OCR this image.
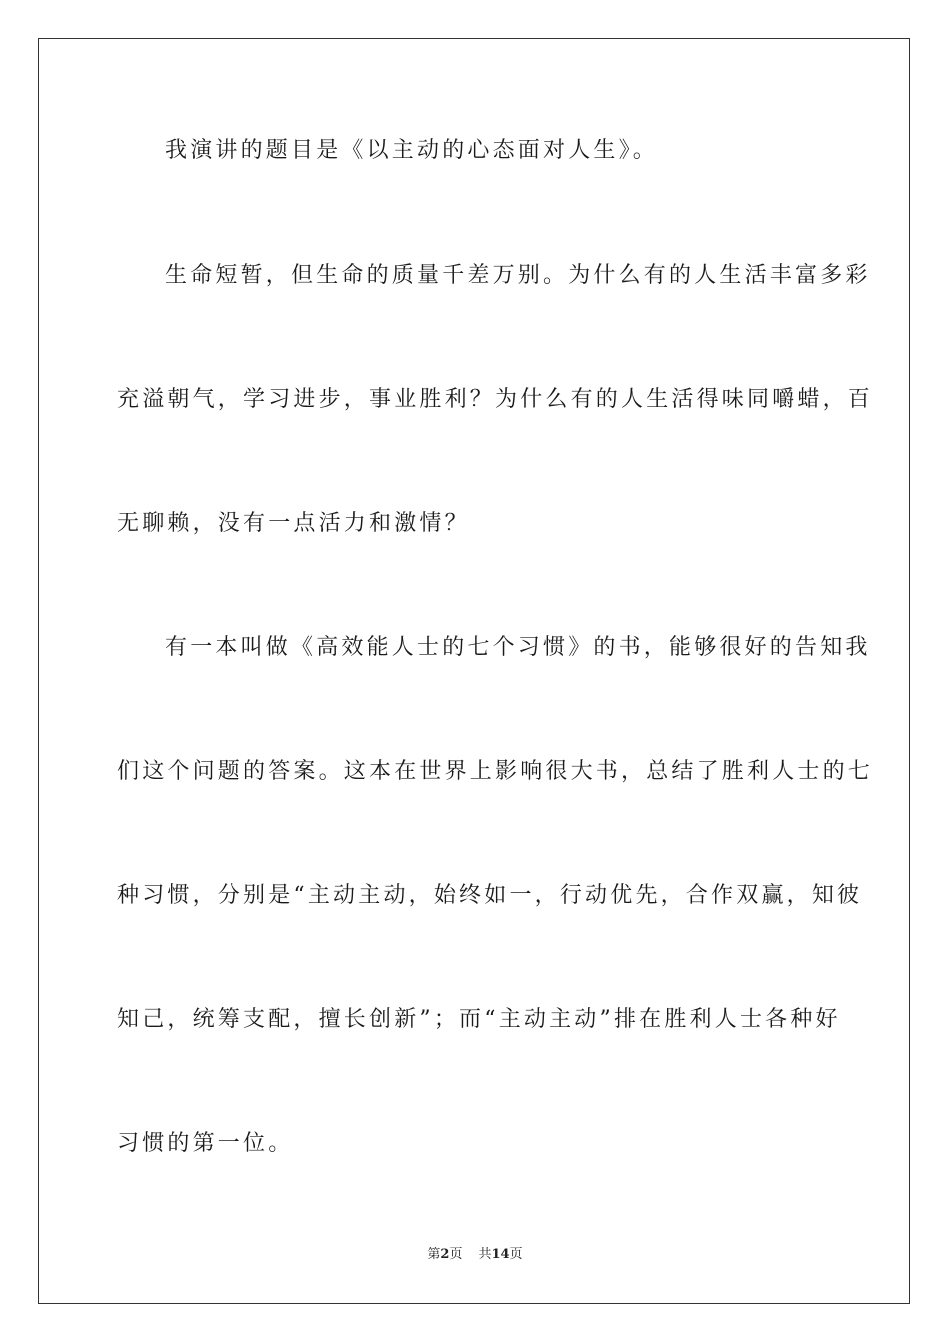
我演讲的题目是《以主动的心态面对人生》。
生命短暂，但生命的质量千差万别。为什么有的人生活丰富多彩
充溢朝气，学习进步，事业胜利？为什么有的人生活得味同嚼蜡，百
无聊赖，没有一点活力和激情？
有一本叫做《高效能人士的七个习惯》的书，能够很好的告知我
们这个问题的答案。这本在世界上影响很大书，总结了胜利人士的七
种习惯，分别是“主动主动，始终如一，行动优先，合作双赢，知彼
知己，统筹支配，擅长创新”；而“主动主动”排在胜利人士各种好
习惯的第一位。
第2页 共14页
